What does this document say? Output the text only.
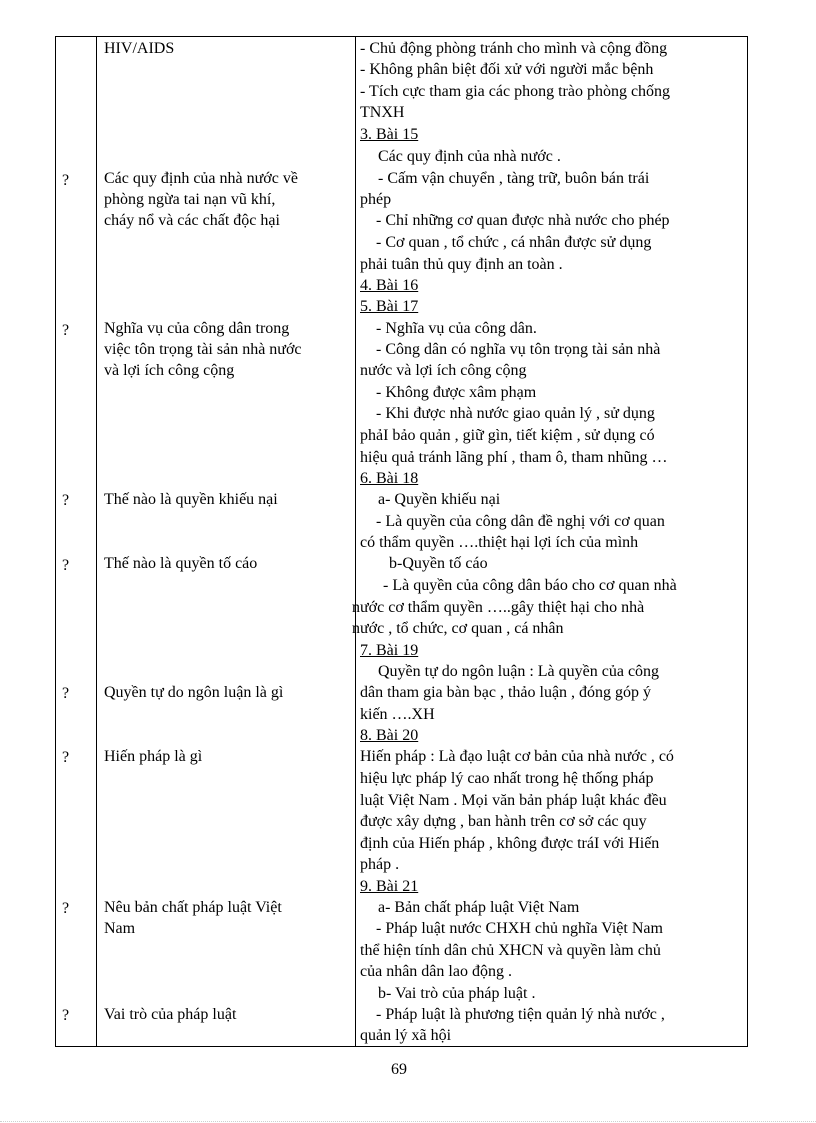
?
?
?
?
?
?
?
?
HIV/AIDS
Các quy định của nhà nước về
phòng ngừa tai nạn vũ khí,
cháy nổ và các chất độc hại
Nghĩa vụ của công dân trong
việc tôn trọng tài sản nhà nước
và lợi ích công cộng
Thế nào là quyền khiếu nại
Thế nào là quyền tố cáo
Quyền tự do ngôn luận là gì
Hiến pháp là gì
Nêu bản chất pháp luật Việt
Nam
Vai trò của pháp luật
- Chủ động phòng tránh cho mình và cộng đồng
- Không phân biệt đối xử với người mắc bệnh
- Tích cực tham gia các phong trào phòng chống
TNXH
3. Bài 15
Các quy định của nhà nước .
- Cấm vận chuyển , tàng trữ, buôn bán trái
phép
- Chỉ những cơ quan được nhà nước cho phép
- Cơ quan , tổ chức , cá nhân được sử dụng
phải tuân thủ quy định an toàn .
4. Bài 16
5. Bài 17
- Nghĩa vụ của công dân.
- Công dân có nghĩa vụ tôn trọng tài sản nhà
nước và lợi ích công cộng
- Không được xâm phạm
- Khi được nhà nước giao quản lý , sử dụng
phảI bảo quản , giữ gìn, tiết kiệm , sử dụng có
hiệu quả tránh lãng phí , tham ô, tham nhũng …
6. Bài 18
a- Quyền khiếu nại
- Là quyền của công dân đề nghị với cơ quan
có thẩm quyền ….thiệt hại lợi ích của mình
b-Quyền tố cáo
- Là quyền của công dân báo cho cơ quan nhà
nước cơ thẩm quyền …..gây thiệt hại cho nhà
nước , tổ chức, cơ quan , cá nhân
7. Bài 19
Quyền tự do ngôn luận : Là quyền của công
dân tham gia bàn bạc , thảo luận , đóng góp ý
kiến ….XH
8. Bài 20
Hiến pháp : Là đạo luật cơ bản của nhà nước , có
hiệu lực pháp lý cao nhất trong hệ thống pháp
luật Việt Nam . Mọi văn bản pháp luật khác đều
được xây dựng , ban hành trên cơ sở các quy
định của Hiến pháp , không được tráI với Hiến
pháp .
9. Bài 21
a- Bản chất pháp luật Việt Nam
- Pháp luật nước CHXH chủ nghĩa Việt Nam
thể hiện tính dân chủ XHCN và quyền làm chủ
của nhân dân lao động .
b- Vai trò của pháp luật .
- Pháp luật là phương tiện quản lý nhà nước ,
quản lý xã hội
69
